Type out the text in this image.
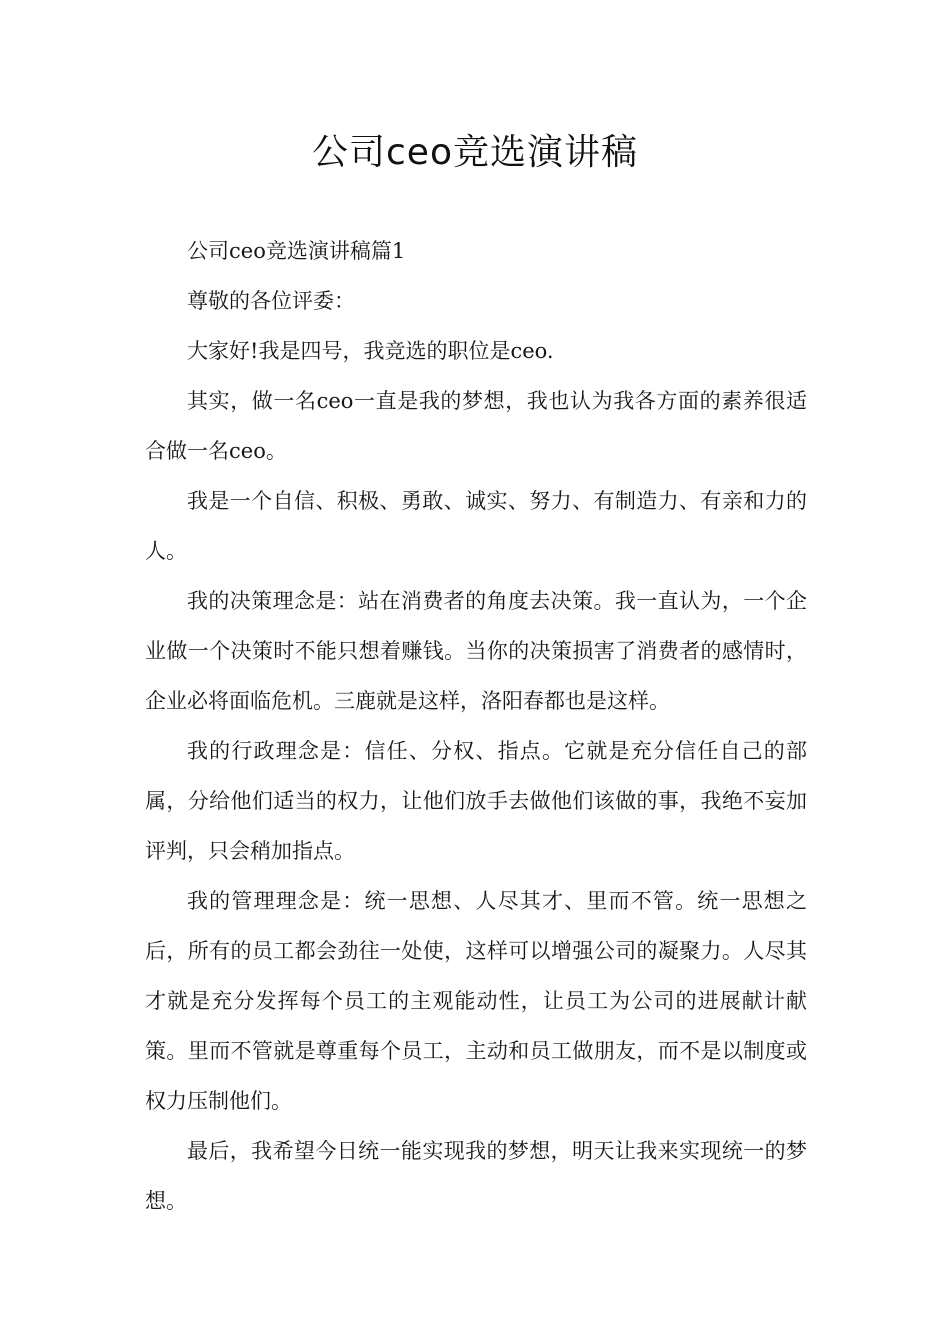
公司ceo竞选演讲稿

公司ceo竞选演讲稿篇1

尊敬的各位评委：

大家好!我是四号，我竞选的职位是ceo.

其实，做一名ceo一直是我的梦想，我也认为我各方面的素养很适合做一名ceo。

我是一个自信、积极、勇敢、诚实、努力、有制造力、有亲和力的人。

我的决策理念是：站在消费者的角度去决策。我一直认为，一个企业做一个决策时不能只想着赚钱。当你的决策损害了消费者的感情时，企业必将面临危机。三鹿就是这样，洛阳春都也是这样。

我的行政理念是：信任、分权、指点。它就是充分信任自己的部属，分给他们适当的权力，让他们放手去做他们该做的事，我绝不妄加评判，只会稍加指点。

我的管理理念是：统一思想、人尽其才、里而不管。统一思想之后，所有的员工都会劲往一处使，这样可以增强公司的凝聚力。人尽其才就是充分发挥每个员工的主观能动性，让员工为公司的进展献计献策。里而不管就是尊重每个员工，主动和员工做朋友，而不是以制度或权力压制他们。

最后，我希望今日统一能实现我的梦想，明天让我来实现统一的梦想。
